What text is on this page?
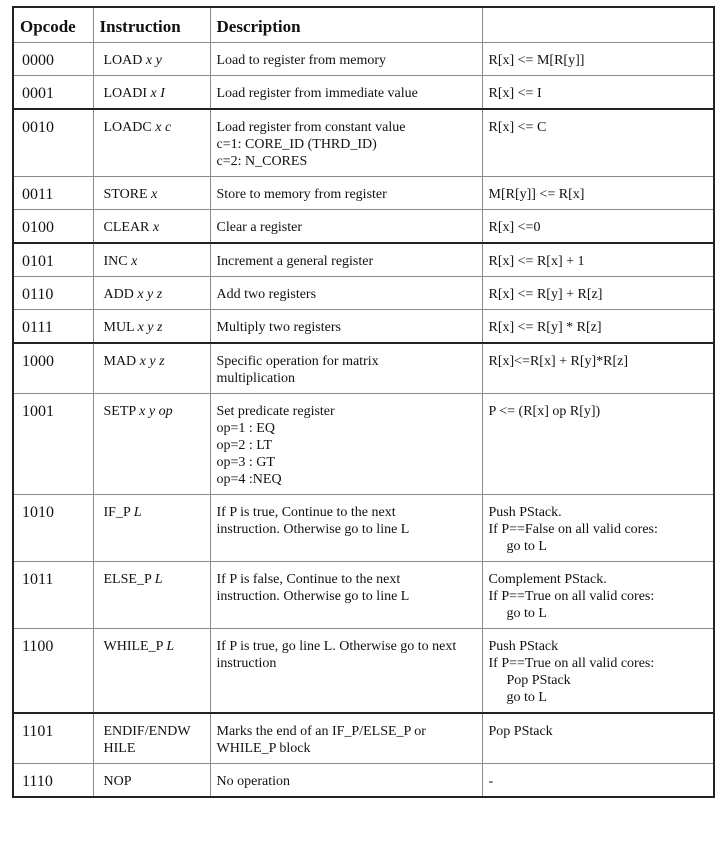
Opcode	Instruction	Description	
0000	LOAD x y	Load to register from memory	R[x] <= M[R[y]]

0001	LOADI x I	Load register from immediate value	R[x] <= I

0010	LOADC x c	Load register from constant value
c=1: CORE_ID (THRD_ID)
c=2: N_CORES	R[x] <= C

0011	STORE x	Store to memory from register	M[R[y]] <= R[x]

0100	CLEAR x	Clear a register	R[x] <=0

0101	INC x	Increment a general register	R[x] <= R[x] + 1

0110	ADD x y z	Add two registers	R[x] <= R[y] + R[z]

0111	MUL x y z	Multiply two registers	R[x] <= R[y] * R[z]

1000	MAD x y z	Specific operation for matrix
multiplication	R[x]<=R[x] + R[y]*R[z]

1001	SETP x y op	Set predicate register
op=1 : EQ
op=2 : LT
op=3 : GT
op=4 :NEQ	P <= (R[x] op R[y])

1010	IF_P L	If P is true, Continue to the next
instruction. Otherwise go to line L	Push PStack.
If P==False on all valid cores:
go to L

1011	ELSE_P L	If P is false, Continue to the next
instruction. Otherwise go to line L	Complement PStack.
If P==True on all valid cores:
go to L

1100	WHILE_P L	If P is true, go line L. Otherwise go to next
instruction	Push PStack
If P==True on all valid cores:
Pop PStack
go to L

1101	ENDIF/ENDW
HILE	Marks the end of an IF_P/ELSE_P or
WHILE_P block	Pop PStack

1110	NOP	No operation	-
